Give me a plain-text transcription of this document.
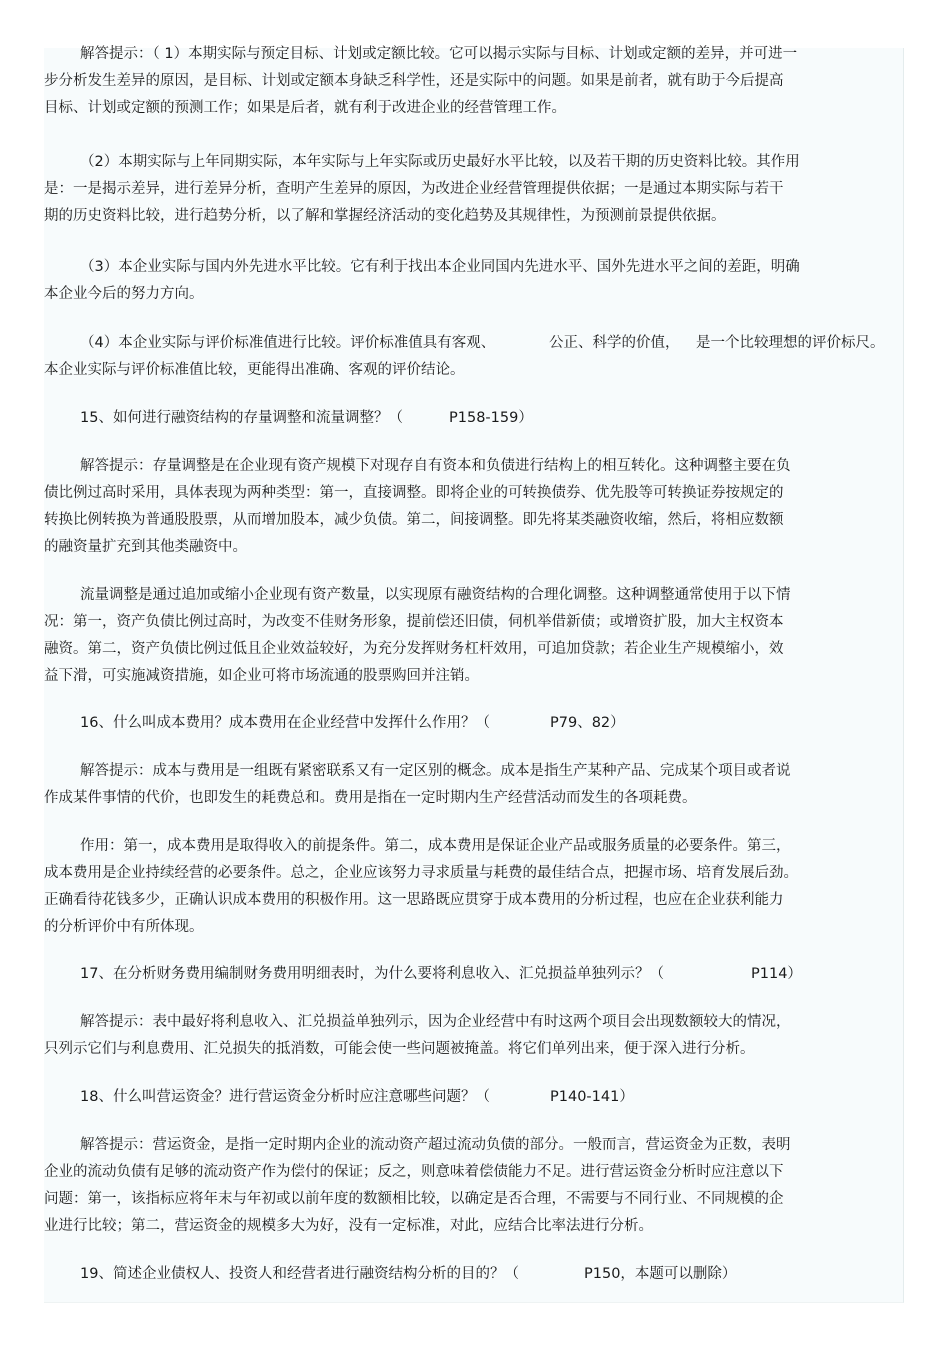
解答提示：（ 1）本期实际与预定目标、计划或定额比较。它可以揭示实际与目标、计划或定额的差异，并可进一
步分析发生差异的原因，是目标、计划或定额本身缺乏科学性，还是实际中的问题。如果是前者，就有助于今后提高
目标、计划或定额的预测工作；如果是后者，就有利于改进企业的经营管理工作。
（2）本期实际与上年同期实际，本年实际与上年实际或历史最好水平比较，以及若干期的历史资料比较。其作用
是：一是揭示差异，进行差异分析，查明产生差异的原因，为改进企业经营管理提供依据；一是通过本期实际与若干
期的历史资料比较，进行趋势分析，以了解和掌握经济活动的变化趋势及其规律性，为预测前景提供依据。
（3）本企业实际与国内外先进水平比较。它有利于找出本企业同国内先进水平、国外先进水平之间的差距，明确
本企业今后的努力方向。
（4）本企业实际与评价标准值进行比较。评价标准值具有客观、	公正、科学的价值， 是一个比较理想的评价标尺。
本企业实际与评价标准值比较，更能得出准确、客观的评价结论。
15、如何进行融资结构的存量调整和流量调整？（	P158-159）
解答提示：存量调整是在企业现有资产规模下对现存自有资本和负债进行结构上的相互转化。这种调整主要在负
债比例过高时采用，具体表现为两种类型：第一，直接调整。即将企业的可转换债券、优先股等可转换证券按规定的
转换比例转换为普通股股票，从而增加股本，减少负债。第二，间接调整。即先将某类融资收缩，然后，将相应数额
的融资量扩充到其他类融资中。
流量调整是通过追加或缩小企业现有资产数量，以实现原有融资结构的合理化调整。这种调整通常使用于以下情
况：第一，资产负债比例过高时，为改变不佳财务形象，提前偿还旧债，伺机举借新债；或增资扩股，加大主权资本
融资。第二，资产负债比例过低且企业效益较好，为充分发挥财务杠杆效用，可追加贷款；若企业生产规模缩小，效
益下滑，可实施减资措施，如企业可将市场流通的股票购回并注销。
16、什么叫成本费用？成本费用在企业经营中发挥什么作用？（	P79、82）
解答提示：成本与费用是一组既有紧密联系又有一定区别的概念。成本是指生产某种产品、完成某个项目或者说
作成某件事情的代价，也即发生的耗费总和。费用是指在一定时期内生产经营活动而发生的各项耗费。
作用：第一，成本费用是取得收入的前提条件。第二，成本费用是保证企业产品或服务质量的必要条件。第三，
成本费用是企业持续经营的必要条件。总之，企业应该努力寻求质量与耗费的最佳结合点，把握市场、培育发展后劲。
正确看待花钱多少，正确认识成本费用的积极作用。这一思路既应贯穿于成本费用的分析过程，也应在企业获利能力
的分析评价中有所体现。
17、在分析财务费用编制财务费用明细表时，为什么要将利息收入、汇兑损益单独列示？（	P114）
解答提示：表中最好将利息收入、汇兑损益单独列示，因为企业经营中有时这两个项目会出现数额较大的情况，
只列示它们与利息费用、汇兑损失的抵消数，可能会使一些问题被掩盖。将它们单列出来，便于深入进行分析。
18、什么叫营运资金？进行营运资金分析时应注意哪些问题？（	P140-141）
解答提示：营运资金，是指一定时期内企业的流动资产超过流动负债的部分。一般而言，营运资金为正数，表明
企业的流动负债有足够的流动资产作为偿付的保证；反之，则意味着偿债能力不足。进行营运资金分析时应注意以下
问题：第一，该指标应将年末与年初或以前年度的数额相比较，以确定是否合理，不需要与不同行业、不同规模的企
业进行比较；第二，营运资金的规模多大为好，没有一定标准，对此，应结合比率法进行分析。
19、简述企业债权人、投资人和经营者进行融资结构分析的目的？（	P150，本题可以删除）
